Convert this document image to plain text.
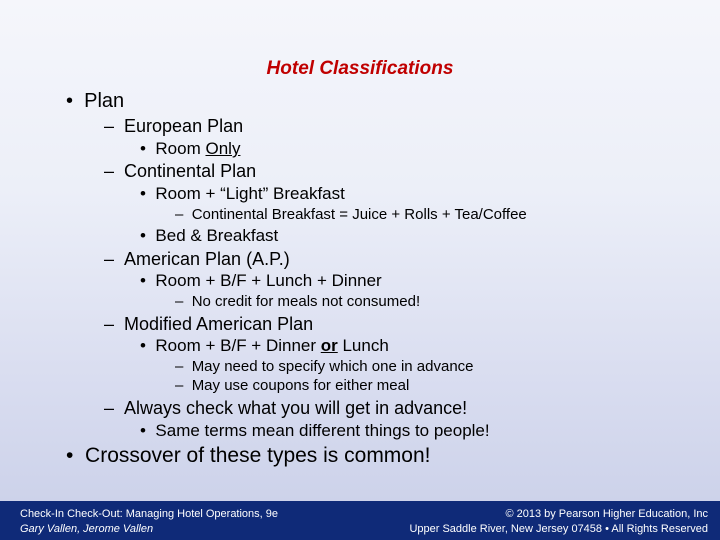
Hotel Classifications
•  Plan
–  European Plan
•  Room Only
–  Continental Plan
•  Room + “Light” Breakfast
–  Continental Breakfast = Juice + Rolls + Tea/Coffee
•  Bed & Breakfast
–  American Plan (A.P.)
•  Room + B/F + Lunch + Dinner
–  No credit for meals not consumed!
–  Modified American Plan
•  Room + B/F + Dinner or Lunch
–  May need to specify which one in advance
–  May use coupons for either meal
–  Always check what you will get in advance!
•  Same terms mean different things to people!
•  Crossover of these types is common!
Check-In Check-Out: Managing Hotel Operations, 9e
Gary Vallen, Jerome Vallen
© 2013 by Pearson Higher Education, Inc
Upper Saddle River, New Jersey 07458 • All Rights Reserved
